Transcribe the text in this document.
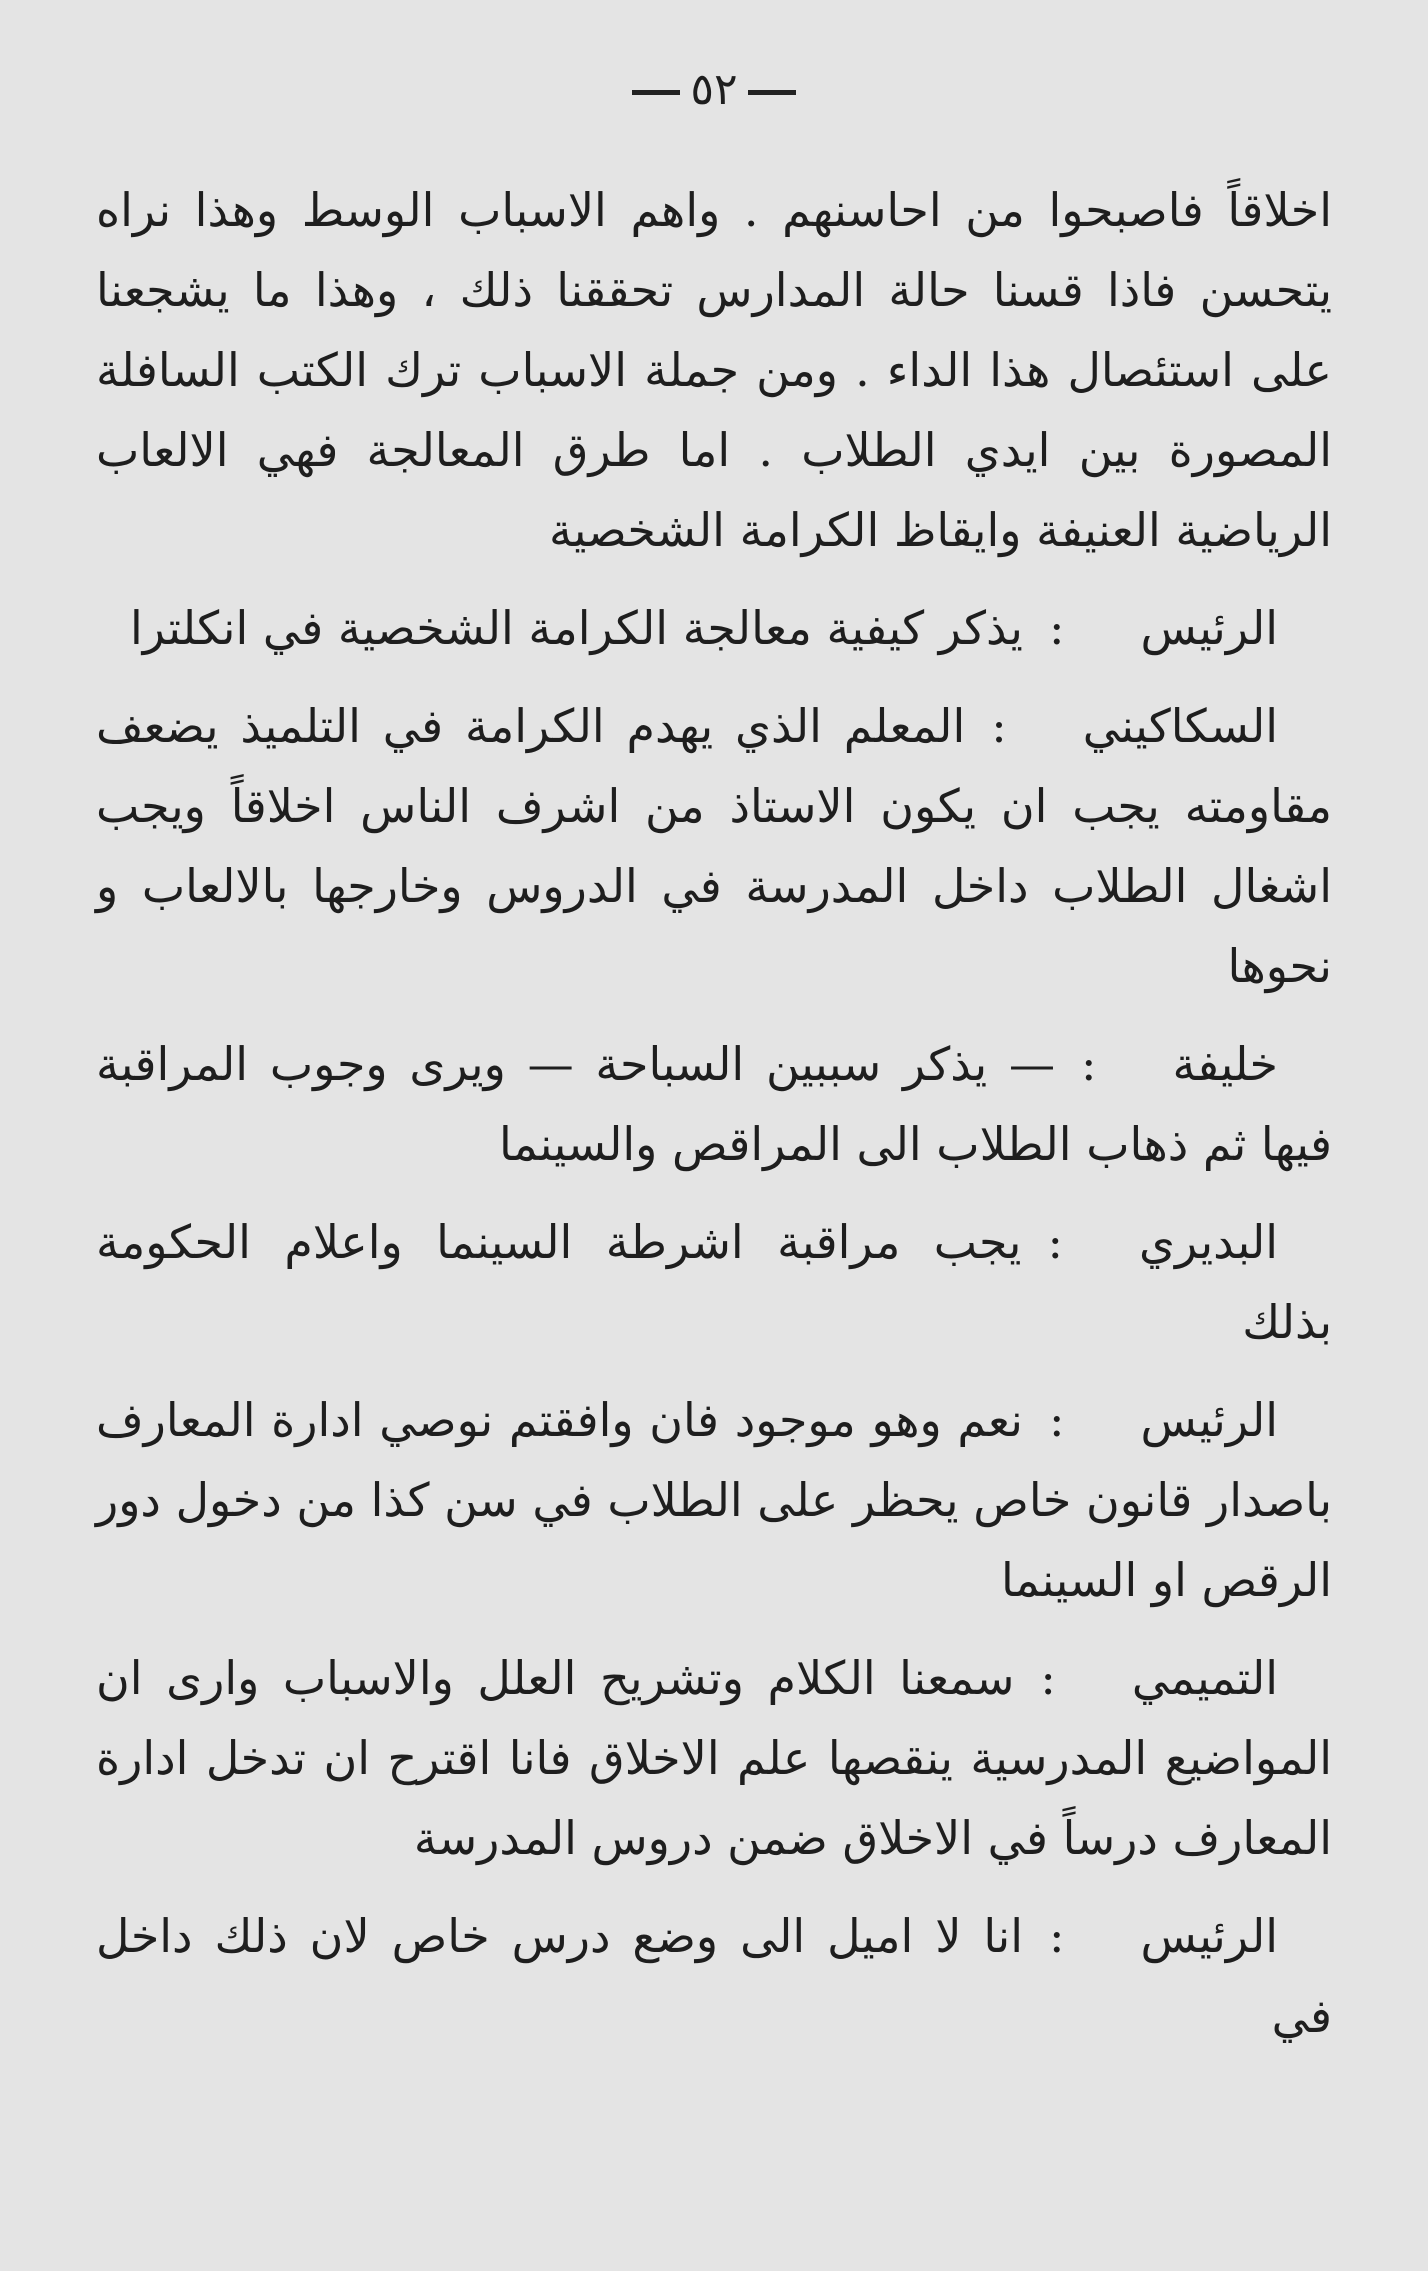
٥٢

اخلاقاً فاصبحوا من احاسنهم . واهم الاسباب الوسط وهذا نراه يتحسن فاذا قسنا حالة المدارس تحققنا ذلك ، وهذا ما يشجعنا على استئصال هذا الداء . ومن جملة الاسباب ترك الكتب السافلة المصورة بين ايدي الطلاب . اما طرق المعالجة فهي الالعاب الرياضية العنيفة وايقاظ الكرامة الشخصية

الرئيس:يذكر كيفية معالجة الكرامة الشخصية في انكلترا

السكاكيني:المعلم الذي يهدم الكرامة في التلميذ يضعف مقاومته يجب ان يكون الاستاذ من اشرف الناس اخلاقاً ويجب اشغال الطلاب داخل المدرسة في الدروس وخارجها بالالعاب و نحوها

خليفة:— يذكر سببين السباحة — ويرى وجوب المراقبة فيها ثم ذهاب الطلاب الى المراقص والسينما

البديري:يجب مراقبة اشرطة السينما واعلام الحكومة بذلك

الرئيس:نعم وهو موجود فان وافقتم نوصي ادارة المعارف باصدار قانون خاص يحظر على الطلاب في سن كذا من دخول دور الرقص او السينما

التميمي:سمعنا الكلام وتشريح العلل والاسباب وارى ان المواضيع المدرسية ينقصها علم الاخلاق فانا اقترح ان تدخل ادارة المعارف درساً في الاخلاق ضمن دروس المدرسة

الرئيس:انا لا اميل الى وضع درس خاص لان ذلك داخل في
